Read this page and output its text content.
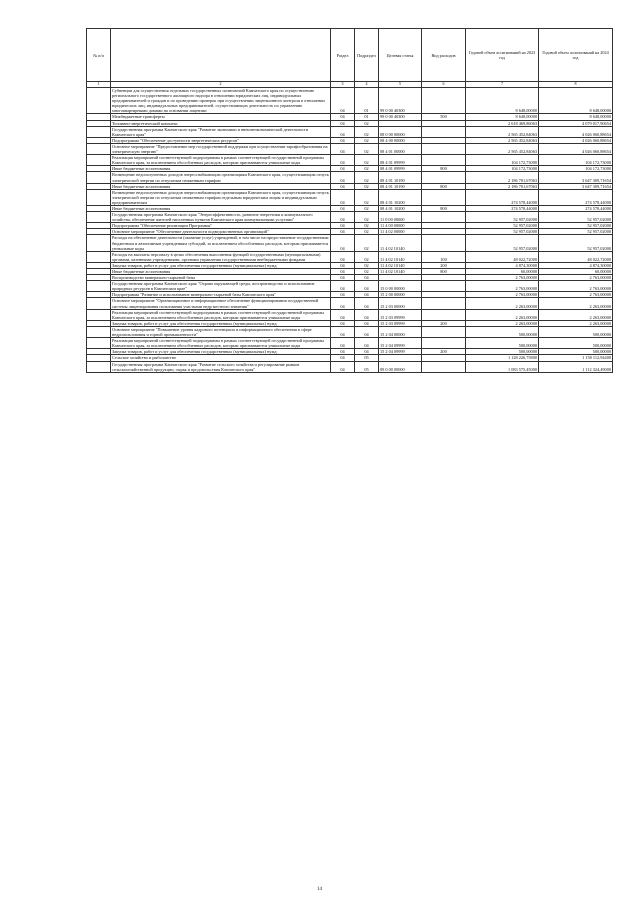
№ п/п		Раздел	Подраздел	Целевая статья	Вид расходов	Годовой объем ассигнований на 2023 год	Годовой объем ассигнований на 2024 год
1	2	3	4	5	6	7	8
	Субвенции для осуществления отдельных государственных полномочий Камчатского края по осуществлению регионального государственного жилищного надзора в отношении юридических лиц, индивидуальных предпринимателей и граждан и по проведению проверок при осуществлении лицензионного контроля в отношении юридических лиц, индивидуальных предпринимателей, осуществляющих деятельность по управлению многоквартирными домами на основании лицензии	04	01	99 0 00 40300		8 648,00000	8 648,00000
	Межбюджетные трансферты	04	01	99 0 00 40300	500	8 648,00000	8 648,00000
	Топливно-энергетический комплекс	04	02			2 618 469,86063	4 079 017,90654
	Государственная программа Камчатского края "Развитие экономики и внешнеэкономической деятельности Камчатского края"	04	02	08 0 00 00000		2 565 452,84063	4 026 060,88654
	Подпрограмма "Обеспечение доступности энергетических ресурсов"	04	02	08 4 00 00000		2 565 452,84063	4 026 060,88654
	Основное мероприятие "Предоставление мер государственной поддержки при осуществлении тарифообразования на электрическую энергию"	04	02	08 4 01 00000		2 565 452,84063	4 026 060,88654
	Реализация мероприятий соответствующей подпрограммы в рамках соответствующей государственной программы Камчатского края, за исключением обособленных расходов, которым присваиваются уникальные коды	04	02	08 4 01 09999		104 172,73000	104 172,73000
	Иные бюджетные ассигнования	04	02	08 4 01 09999	800	104 172,73000	104 172,73000
	Возмещение недополученных доходов энергоснабжающим организациям Камчатского края, осуществляющим отпуск электрической энергии по отпускным сниженным тарифам	04	02	08 4 01 10190		2 186 701,67063	3 647 309,71654
	Иные бюджетные ассигнования	04	02	08 4 01 10190	800	2 186 701,67063	3 647 309,71654
	Возмещение недополученных доходов энергоснабжающим организациям Камчатского края, осуществляющим отпуск электрической энергии по отпускным сниженным тарифам отдельным юридическим лицам и индивидуальным предпринимателям	04	02	08 4 01 10200		274 578,44000	274 578,44000
	Иные бюджетные ассигнования	04	02	08 4 01 10200	800	274 578,44000	274 578,44000
	Государственная программа Камчатского края "Энергоэффективность, развитие энергетики и коммунального хозяйства, обеспечение жителей населенных пунктов Камчатского края коммунальными услугами"	04	02	11 0 00 00000		52 957,02000	52 957,02000
	Подпрограмма "Обеспечение реализации Программы"	04	02	11 4 00 00000		52 957,02000	52 957,02000
	Основное мероприятие "Обеспечение деятельности подведомственных организаций"	04	02	11 4 02 00000		52 957,02000	52 957,02000
	Расходы на обеспечение деятельности (оказание услуг) учреждений, в том числе на предоставление государственным бюджетным и автономным учреждениям субсидий, за исключением обособленных расходов, которым присваиваются уникальные коды	04	02	11 4 02 10140		52 957,02000	52 957,02000
	Расходы на выплаты персоналу в целях обеспечения выполнения функций государственными (муниципальными) органами, казенными учреждениями, органами управления государственными внебюджетными фондами	04	02	11 4 02 10140	100	48 022,72000	48 022,72000
	Закупка товаров, работ и услуг для обеспечения государственных (муниципальных) нужд	04	02	11 4 02 10140	200	4 874,30000	4 874,30000
	Иные бюджетные ассигнования	04	02	11 4 02 10140	800	60,00000	60,00000
	Воспроизводство минерально-сырьевой базы	04	04			2 763,00000	2 763,00000
	Государственная программа Камчатского края "Охрана окружающей среды, воспроизводство и использование природных ресурсов в Камчатском крае"	04	04	15 0 00 00000		2 763,00000	2 763,00000
	Подпрограмма "Развитие и использование минерально-сырьевой базы Камчатского края"	04	04	15 2 00 00000		2 763,00000	2 763,00000
	Основное мероприятие "Организационное и информационное обеспечение функционирования государственной системы лицензирования пользования участками недр местного значения"	04	04	15 2 03 00000		2 263,00000	2 263,00000
	Реализация мероприятий соответствующей подпрограммы в рамках соответствующей государственной программы Камчатского края, за исключением обособленных расходов, которым присваиваются уникальные коды	04	04	15 2 03 09999		2 263,00000	2 263,00000
	Закупка товаров, работ и услуг для обеспечения государственных (муниципальных) нужд	04	04	15 2 03 09999	200	2 263,00000	2 263,00000
	Основное мероприятие "Повышение уровня кадрового потенциала и информационного обеспечения в сфере недропользования и горной промышленности"	04	04	15 2 04 00000		500,00000	500,00000
	Реализация мероприятий соответствующей подпрограммы в рамках соответствующей государственной программы Камчатского края, за исключением обособленных расходов, которым присваиваются уникальные коды	04	04	15 2 04 09999		500,00000	500,00000
	Закупка товаров, работ и услуг для обеспечения государственных (муниципальных) нужд	04	04	15 2 04 09999	200	500,00000	500,00000
	Сельское хозяйство и рыболовство	04	05			1 128 226,75800	1 158 112,94400
	Государственная программа Камчатского края "Развитие сельского хозяйства и регулирование рынков сельскохозяйственной продукции, сырья и продовольствия Камчатского края"	04	05	09 0 00 00000		1 083 575,45000	1 112 324,49000
14
